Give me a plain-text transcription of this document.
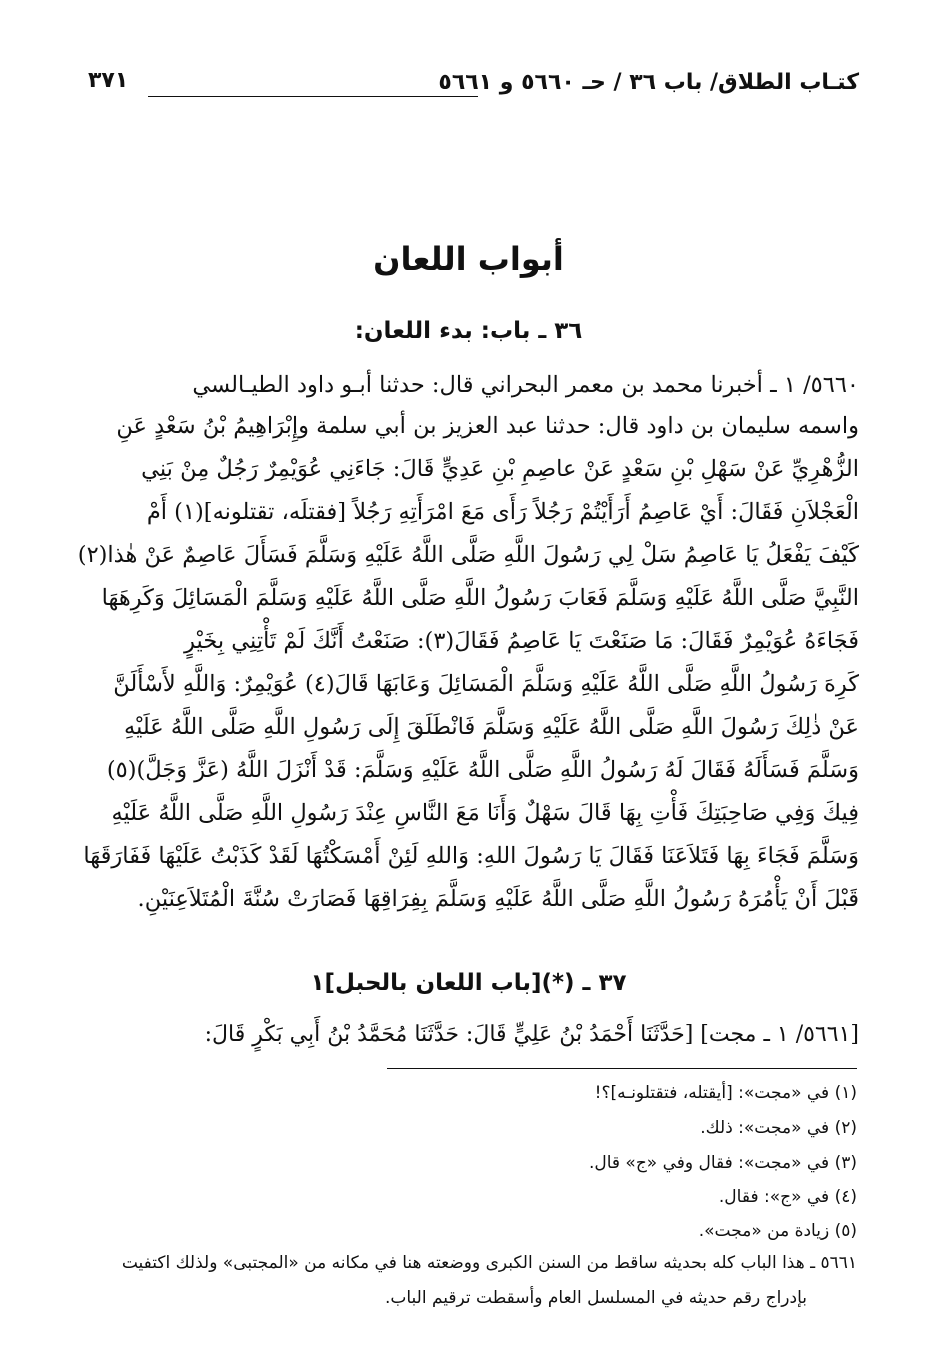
كتـاب الطلاق/ باب ٣٦ / حـ ٥٦٦٠ و ٥٦٦١
٣٧١
أبواب اللعان
٣٦ ـ باب: بدء اللعان:
٥٦٦٠/ ١ ـ أخبرنا محمد بن معمر البحراني قال: حدثنا أبـو داود الطيـالسي
واسمه سليمان بن داود قال: حدثنا عبد العزيز بن أبي سلمة وإِبْرَاهِيمُ بْنُ سَعْدٍ عَنِ
الزُّهْرِيِّ عَنْ سَهْلِ بْنِ سَعْدٍ عَنْ عاصِمِ بْنِ عَدِيٍّ قَالَ: جَاءَنِي عُوَيْمِرٌ رَجُلٌ مِنْ بَنِي
الْعَجْلاَنِ فَقَالَ: أَيْ عَاصِمُ أَرَأَيْتُمْ رَجُلاً رَأَى مَعَ امْرَأَتِهِ رَجُلاً [فقتلَه، تقتلونه](١) أَمْ
كَيْفَ يَفْعَلُ يَا عَاصِمُ سَلْ لِي رَسُولَ اللَّهِ صَلَّى اللَّهُ عَلَيْهِ وَسَلَّمَ فَسَأَلَ عَاصِمٌ عَنْ هٰذا(٢)
النَّبِيَّ صَلَّى اللَّهُ عَلَيْهِ وَسَلَّمَ فَعَابَ رَسُولُ اللَّهِ صَلَّى اللَّهُ عَلَيْهِ وَسَلَّمَ الْمَسَائِلَ وَكَرِهَهَا
فَجَاءَهُ عُوَيْمِرٌ فَقَالَ: مَا صَنَعْتَ يَا عَاصِمُ فَقَالَ(٣): صَنَعْتُ أَنَّكَ لَمْ تَأْتِنِي بِخَيْرٍ
كَرِهَ رَسُولُ اللَّهِ صَلَّى اللَّهُ عَلَيْهِ وَسَلَّمَ الْمَسَائِلَ وَعَابَهَا قَالَ(٤) عُوَيْمِرٌ: وَاللَّهِ لأَسْأَلَنَّ
عَنْ ذٰلِكَ رَسُولَ اللَّهِ صَلَّى اللَّهُ عَلَيْهِ وَسَلَّمَ فَانْطَلَقَ إِلَى رَسُولِ اللَّهِ صَلَّى اللَّهُ عَلَيْهِ
وَسَلَّمَ فَسَأَلَهُ فَقَالَ لَهُ رَسُولُ اللَّهِ صَلَّى اللَّهُ عَلَيْهِ وَسَلَّمَ: قَدْ أَنْزَلَ اللَّهُ (عَزَّ وَجَلَّ)(٥)
فِيكَ وَفِي صَاحِبَتِكَ فَأْتِ بِهَا قَالَ سَهْلٌ وَأَنَا مَعَ النَّاسِ عِنْدَ رَسُولِ اللَّهِ صَلَّى اللَّهُ عَلَيْهِ
وَسَلَّمَ فَجَاءَ بِهَا فَتَلاَعَنَا فَقَالَ يَا رَسُولَ اللهِ: وَاللهِ لَئِنْ أَمْسَكْتُهَا لَقَدْ كَذَبْتُ عَلَيْهَا فَفَارَقَهَا
قَبْلَ أَنْ يَأْمُرَهُ رَسُولُ اللَّهِ صَلَّى اللَّهُ عَلَيْهِ وَسَلَّمَ بِفِرَاقِهَا فَصَارَتْ سُنَّةَ الْمُتَلاَعِنَيْنِ.
٣٧ ـ (*)[باب اللعان بالحبل]١
[٥٦٦١/ ١ ـ مجت] [حَدَّثَنَا أَحْمَدُ بْنُ عَلِيٍّ قَالَ: حَدَّثَنَا مُحَمَّدُ بْنُ أَبِي بَكْرٍ قَالَ:
(١) في «مجت»: [أيقتله، فتقتلونـه]؟!
(٢) في «مجت»: ذلك.
(٣) في «مجت»: فقال وفي «ج» قال.
(٤) في «ج»: فقال.
(٥) زيادة من «مجت».
٥٦٦١ ـ هذا الباب كله بحديثه ساقط من السنن الكبرى ووضعته هنا في مكانه من «المجتبى» ولذلك اكتفيت
بإدراج رقم حديثه في المسلسل العام وأسقطت ترقيم الباب.
